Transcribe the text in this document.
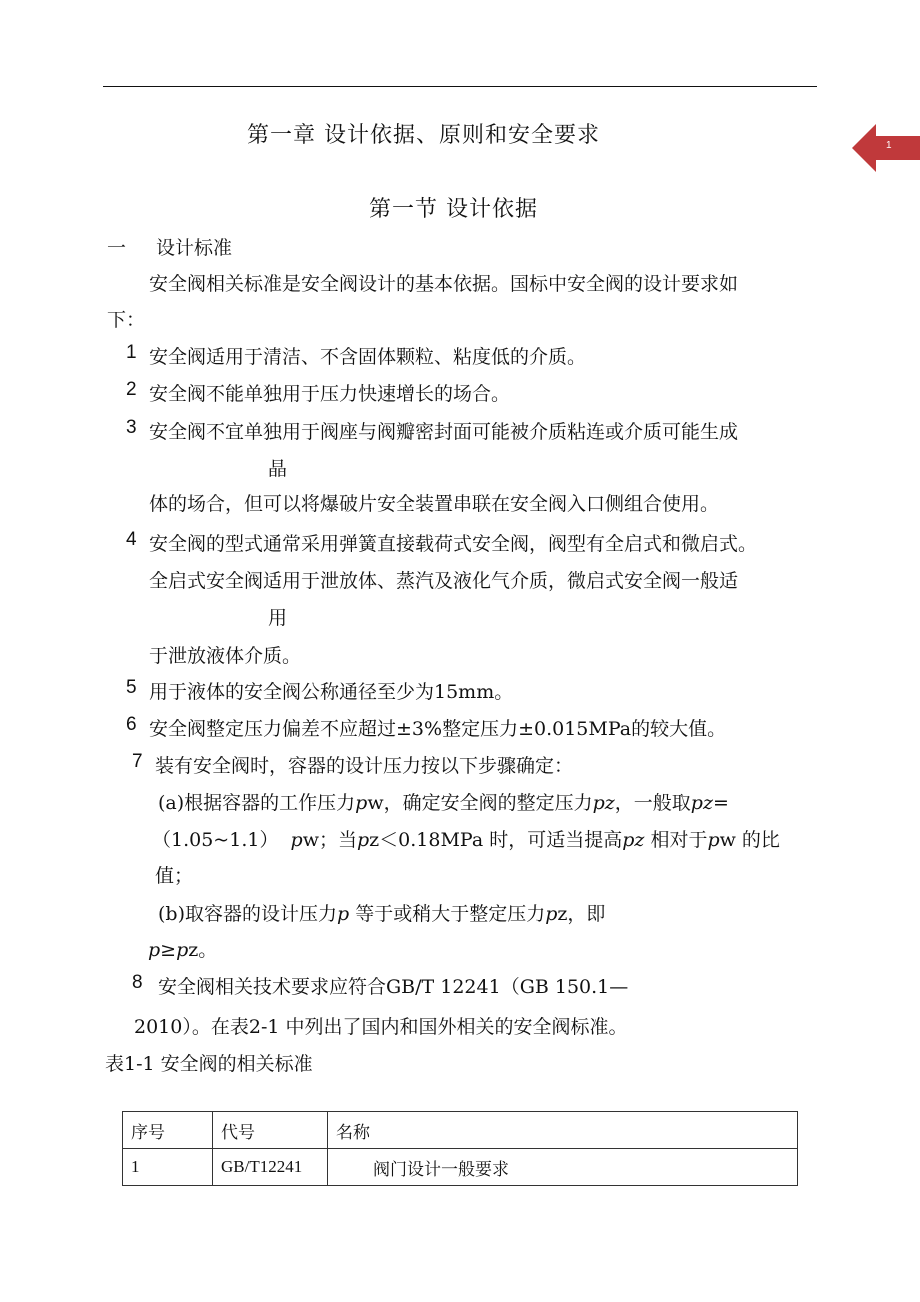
1
第一章 设计依据、原则和安全要求
第一节 设计依据
一 设计标准
安全阀相关标准是安全阀设计的基本依据。国标中安全阀的设计要求如
下：
1 安全阀适用于清洁、不含固体颗粒、粘度低的介质。
2 安全阀不能单独用于压力快速增长的场合。
3 安全阀不宜单独用于阀座与阀瓣密封面可能被介质粘连或介质可能生成
晶
体的场合，但可以将爆破片安全装置串联在安全阀入口侧组合使用。
4 安全阀的型式通常采用弹簧直接载荷式安全阀，阀型有全启式和微启式。
全启式安全阀适用于泄放体、蒸汽及液化气介质，微启式安全阀一般适
用
于泄放液体介质。
5 用于液体的安全阀公称通径至少为15mm。
6 安全阀整定压力偏差不应超过±3%整定压力±0.015MPa的较大值。
7 装有安全阀时，容器的设计压力按以下步骤确定：
(a)根据容器的工作压力pw，确定安全阀的整定压力pz，一般取pz=
（1.05~1.1）  pw；当pz＜0.18MPa 时，可适当提高pz 相对于pw 的比
值；
(b)取容器的设计压力p 等于或稍大于整定压力pz，即
p≥pz。
8 安全阀相关技术要求应符合GB/T 12241（GB 150.1—
2010）。在表2-1 中列出了国内和国外相关的安全阀标准。
表1-1 安全阀的相关标准
序号	代号	名称
1	GB/T12241	阀门设计一般要求
